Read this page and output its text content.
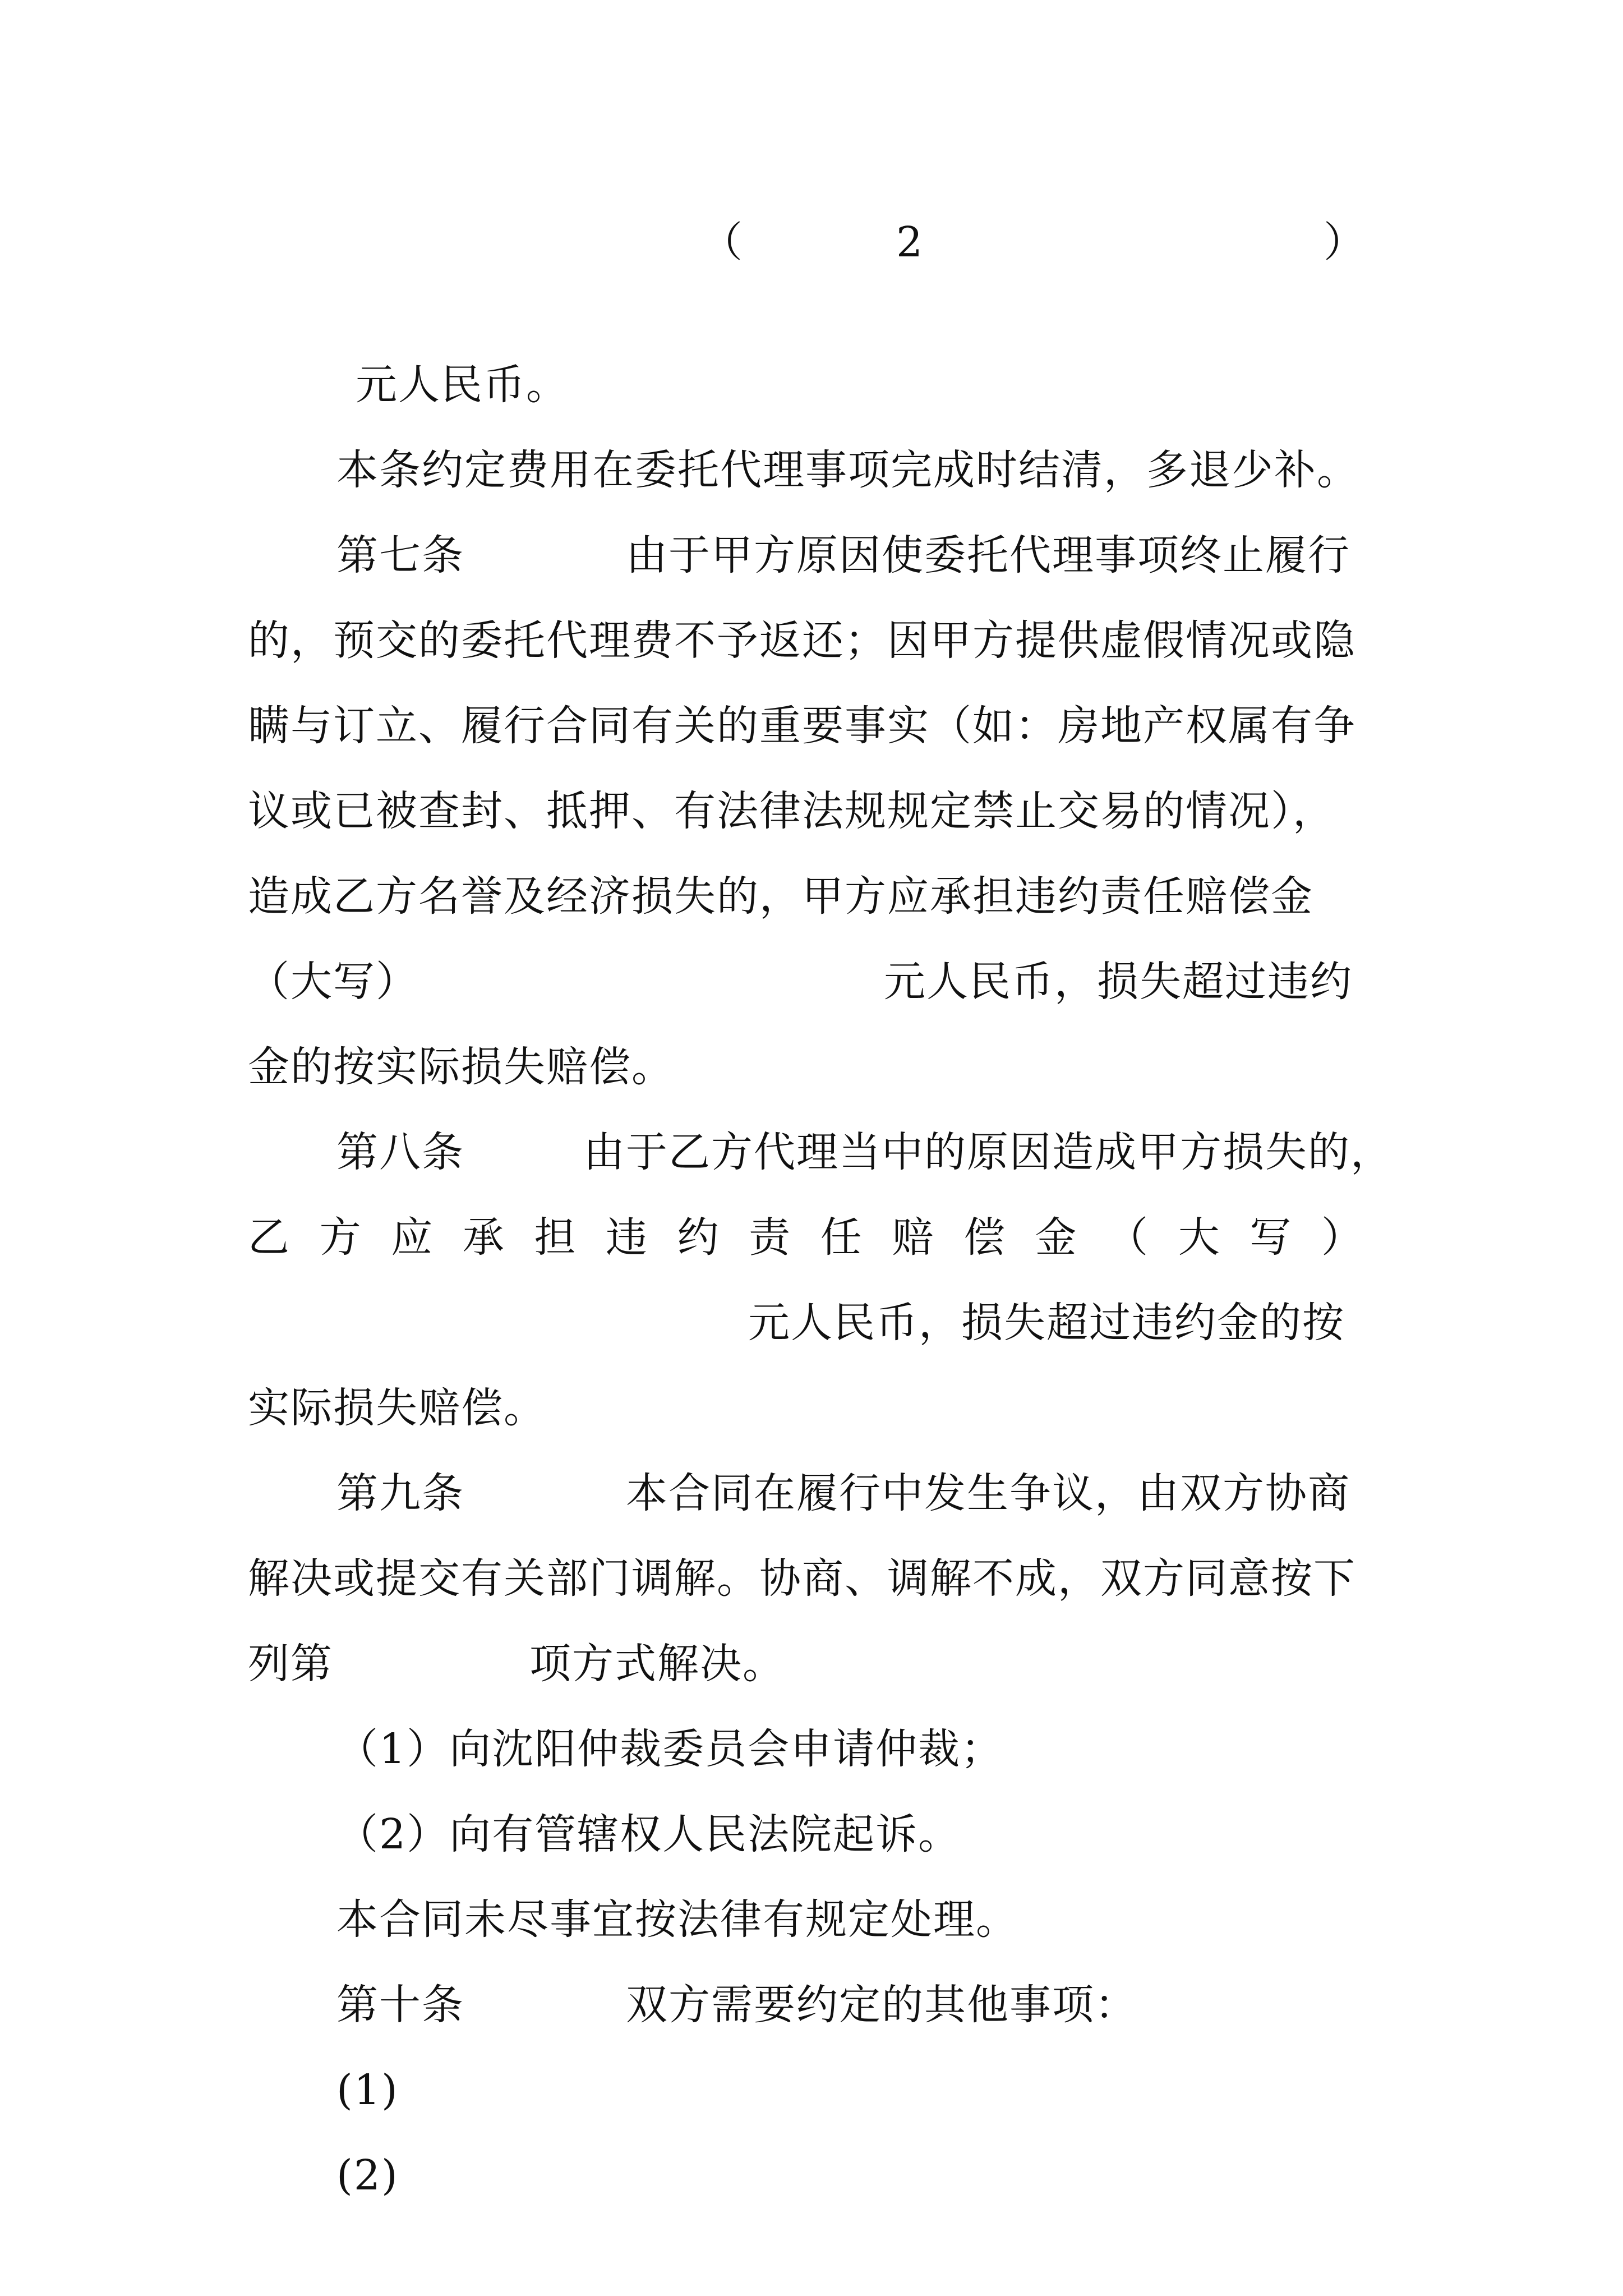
（	2	）
元人民币。
本条约定费用在委托代理事项完成时结清，多退少补。
第七条	由于甲方原因使委托代理事项终止履行
的，预交的委托代理费不予返还；因甲方提供虚假情况或隐
瞒与订立、履行合同有关的重要事实（如：房地产权属有争
议或已被查封、抵押、有法律法规规定禁止交易的情况），
造成乙方名誉及经济损失的，甲方应承担违约责任赔偿金
（大写）	元人民币，损失超过违约
金的按实际损失赔偿。
第八条	由于乙方代理当中的原因造成甲方损失的，
乙 方 应 承 担 违 约 责 任 赔 偿 金 （ 大 写 ）
元人民币，损失超过违约金的按
实际损失赔偿。
第九条	本合同在履行中发生争议，由双方协商
解决或提交有关部门调解。协商、调解不成，双方同意按下
列第	项方式解决。
（1）向沈阳仲裁委员会申请仲裁；
（2）向有管辖权人民法院起诉。
本合同未尽事宜按法律有规定处理。
第十条	双方需要约定的其他事项：
(1)
(2)
